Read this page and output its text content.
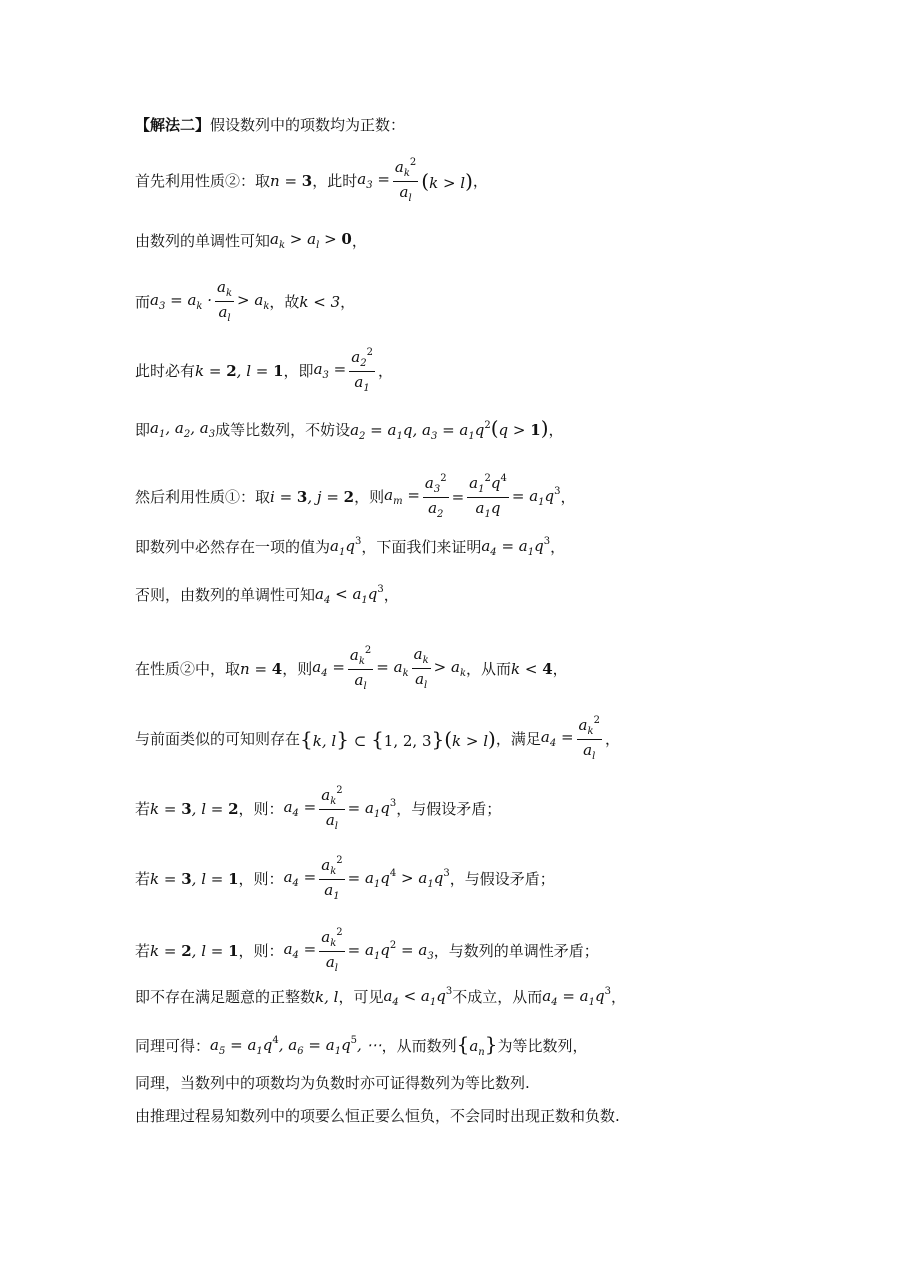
【解法二】 假设数列中的项数均为正数：
首先利用性质②：取 n = 3 ，此时 $a_3 = \frac{a_k^2}{a_l} (k > l)$ ，
由数列的单调性可知 $a_k > a_l > 0$ ，
而 $a_3 = a_k \cdot \frac{a_k}{a_l} > a_k$ ，故 k < 3 ，
此时必有 k = 2, l = 1 ，即 $a_3 = \frac{a_2^2}{a_1}$ ，
即 $a_1$, $a_2$, $a_3$ 成等比数列，不妨设 $a_2 = a_1q$, $a_3 = a_1q^2(q > 1)$ ，
然后利用性质①：取 i = 3, j = 2 ，则 $a_m = \frac{a_3^2}{a_2} = \frac{a_1^2q^4}{a_1q} = a_1q^3$ ，
即数列中必然存在一项的值为 $a_1q^3$ ，下面我们来证明 $a_4 = a_1q^3$ ，
否则，由数列的单调性可知 $a_4 < a_1q^3$ ，
在性质②中，取 n = 4 ，则 $a_4 = \frac{a_k^2}{a_l} = a_k \frac{a_k}{a_l} > a_k$ ，从而 k < 4 ，
与前面类似的可知则存在 {k, l} ⊂ {1, 2, 3}(k > l) ，满足 $a_4 = \frac{a_k^2}{a_l}$ ，
若 k = 3, l = 2 ，则： $a_4 = \frac{a_k^2}{a_l} = a_1q^3$ ，与假设矛盾；
若 k = 3, l = 1 ，则： $a_4 = \frac{a_k^2}{a_1} = a_1q^4 > a_1q^3$ ，与假设矛盾；
若 k = 2, l = 1 ，则： $a_4 = \frac{a_k^2}{a_l} = a_1q^2 = a_3$ ，与数列的单调性矛盾；
即不存在满足题意的正整数 k, l ，可见 $a_4 < a_1q^3$ 不成立，从而 $a_4 = a_1q^3$ ，
同理可得： $a_5 = a_1q^4$, $a_6 = a_1q^5$, ⋯ ，从而数列 $\{a_n\}$ 为等比数列，
同理，当数列中的项数均为负数时亦可证得数列为等比数列.
由推理过程易知数列中的项要么恒正要么恒负，不会同时出现正数和负数.
